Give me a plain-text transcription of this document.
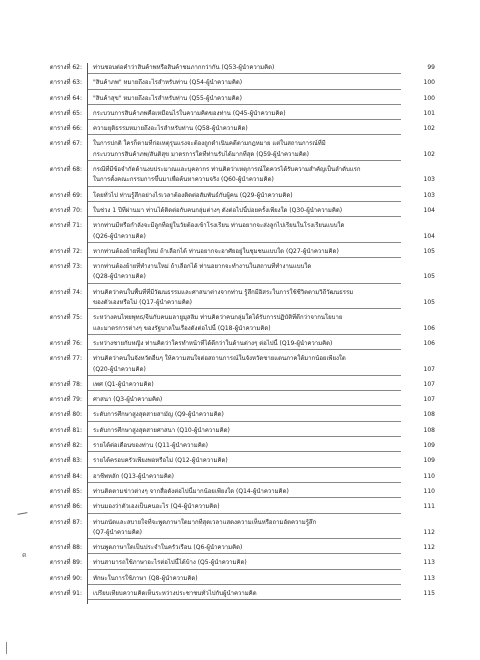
ตารางที่ 62:	ท่านชอบต่อคำว่าสินค้าพหรือสินค้าชมภากกว่ากัน (Q53-ผู้นำความคิด)	99
ตารางที่ 63:	"สินค้าภพ" หมายถึงอะไรสำหรับท่าน (Q54-ผู้นำความคิด)	100
ตารางที่ 64:	"สินค้าสุข" หมายถึงอะไรสำหรับท่าน (Q55-ผู้นำความคิด)	100
ตารางที่ 65:	กระบวนการสินค้าภพคือเหมือนไรในความคิดของท่าน (Q45-ผู้นำความคิด)	101
ตารางที่ 66:	ความยุติธรรมหมายถึงอะไรสำหรับท่าน (Q58-ผู้นำความคิด)	102
ตารางที่ 67:	ในการปกติ ใครก็ตามที่ก่อเหตุรุนแรงจะต้องถูกดำเนินคดีตามกฎหมาย แต่ในสถานการณ์ที่มี
กระบวนการสินค้าภพ/สันติสุข มาตรการใดที่ท่านรับได้มากที่สุด (Q59-ผู้นำความคิด)	102
ตารางที่ 68:	กรณีที่มีข้อจำกัดด้านงบประมาณและบุคลากร ท่านคิดว่าเหตุการณ์ใดควรได้รับความสำคัญเป็นลำดับแรก
ในการตั้งคณะกรรมการขึ้นมาเพื่อค้นหาความจริง (Q60-ผู้นำความคิด)	103
ตารางที่ 69:	โดยทั่วไป ท่านรู้สึกอย่างไรเวลาต้องติดต่อสัมพันธ์กับผู้คน (Q29-ผู้นำความคิด)	103
ตารางที่ 70:	ในช่วง 1 ปีที่ผ่านมา ท่านได้ติดต่อกับคนกลุ่มต่างๆ ดังต่อไปนี้บ่อยครั้งเพียงใด (Q30-ผู้นำความคิด)	104
ตารางที่ 71:	หากท่านมีหรือกำลังจะมีลูกที่อยู่ในวัยต้องเข้าโรงเรียน ท่านอยากจะส่งลูกไปเรียนในโรงเรียนแบบใด
(Q26-ผู้นำความคิด)	104
ตารางที่ 72:	หากท่านต้องย้ายที่อยู่ใหม่ ถ้าเลือกได้ ท่านอยากจะอาศัยอยู่ในชุมชนแบบใด (Q27-ผู้นำความคิด)	105
ตารางที่ 73:	หากท่านต้องย้ายที่ทำงานใหม่ ถ้าเลือกได้ ท่านอยากจะทำงานในสถานที่ทำงานแบบใด
(Q28-ผู้นำความคิด)	105
ตารางที่ 74:	ท่านคิดว่าคนในพื้นที่ที่มีวัฒนธรรมและศาสนาต่างจากท่าน รู้สึกมีอิสระในการใช้ชีวิตตามวิถีวัฒนธรรม
ของตัวเองหรือไม่ (Q17-ผู้นำความคิด)	105
ตารางที่ 75:	ระหว่างคนไทยพุทธ/จีนกับคนมลายูมุสลิม ท่านคิดว่าคนกลุ่มใดได้รับการปฏิบัติที่ดีกว่าจากนโยบาย
และมาตรการต่างๆ ของรัฐบาลในเรื่องดังต่อไปนี้ (Q18-ผู้นำความคิด)	106
ตารางที่ 76:	ระหว่างชายกับหญิง ท่านคิดว่าใครทำหน้าที่ได้ดีกว่าในด้านต่างๆ ต่อไปนี้ (Q19-ผู้นำความคิด)	106
ตารางที่ 77:	ท่านคิดว่าคนในจังหวัดอื่นๆ ให้ความสนใจต่อสถานการณ์ในจังหวัดชายแดนภาคใต้มากน้อยเพียงใด
(Q20-ผู้นำความคิด)	107
ตารางที่ 78:	เพศ (Q1-ผู้นำความคิด)	107
ตารางที่ 79:	ศาสนา (Q3-ผู้นำความคิด)	107
ตารางที่ 80:	ระดับการศึกษาสูงสุดสายสามัญ (Q9-ผู้นำความคิด)	108
ตารางที่ 81:	ระดับการศึกษาสูงสุดสายศาสนา (Q10-ผู้นำความคิด)	108
ตารางที่ 82:	รายได้ต่อเดือนของท่าน (Q11-ผู้นำความคิด)	109
ตารางที่ 83:	รายได้ครอบครัวเพียงพอหรือไม่ (Q12-ผู้นำความคิด)	109
ตารางที่ 84:	อาชีพหลัก (Q13-ผู้นำความคิด)	110
ตารางที่ 85:	ท่านติดตามข่าวต่างๆ จากสื่อดังต่อไปนี้มากน้อยเพียงใด (Q14-ผู้นำความคิด)	110
ตารางที่ 86:	ท่านมองว่าตัวเองเป็นคนอะไร (Q4-ผู้นำความคิด)	111
ตารางที่ 87:	ท่านถนัดและสบายใจที่จะพูดภาษาใดมากที่สุดเวลาแสดงความเห็นหรือถามอัตความรู้สึก
(Q7-ผู้นำความคิด)	112
ตารางที่ 88:	ท่านพูดภาษาใดเป็นประจำในครัวเรือน (Q6-ผู้นำความคิด)	112
ตารางที่ 89:	ท่านสามารถใช้ภาษาอะไรต่อไปนี้ได้บ้าง (Q5-ผู้นำความคิด)	113
ตารางที่ 90:	ทักษะในการใช้ภาษา (Q8-ผู้นำความคิด)	113
ตารางที่ 91:	เปรียบเทียบความคิดเห็นระหว่างประชาชนทั่วไปกับผู้นำความคิด	115
ด
